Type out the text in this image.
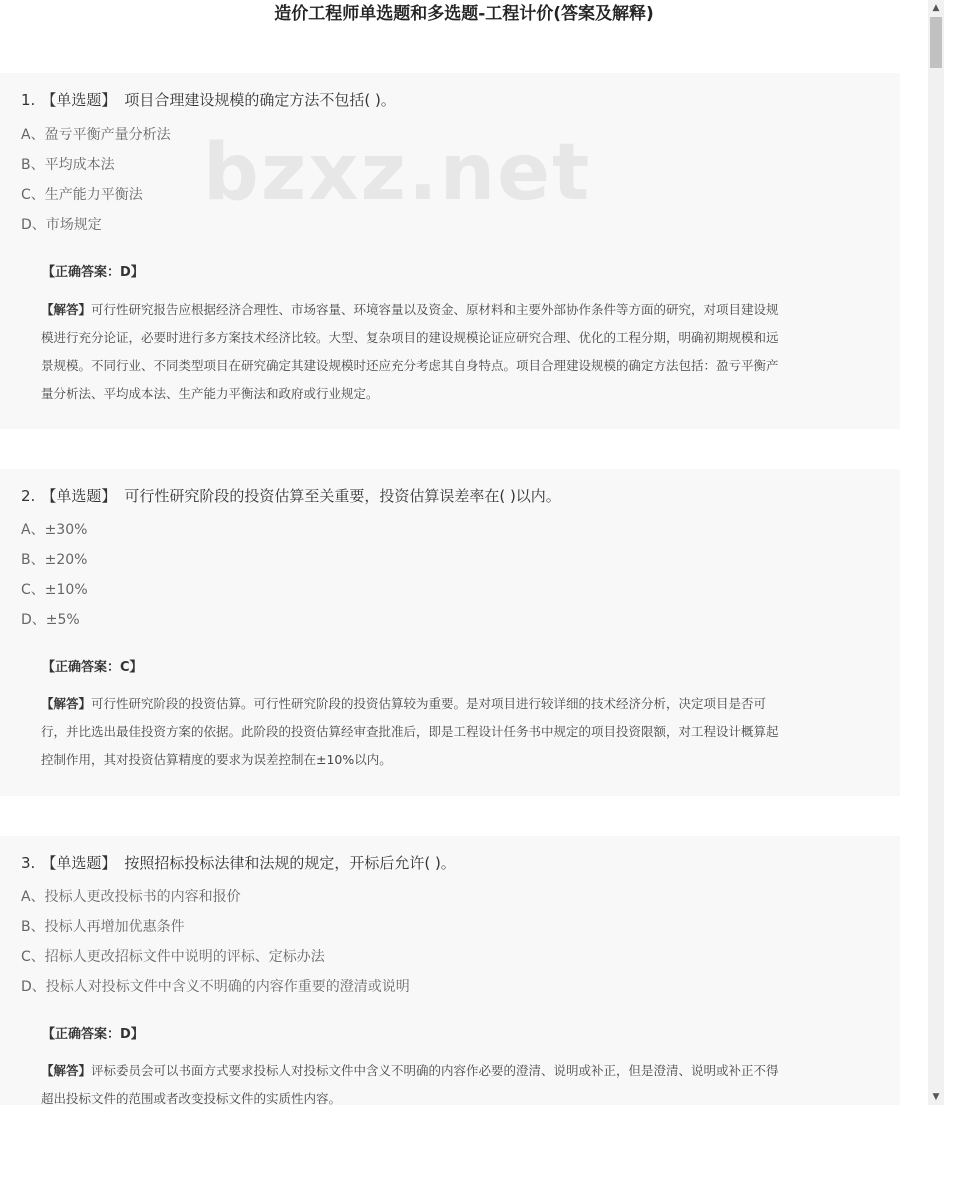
造价工程师单选题和多选题-工程计价(答案及解释)
1. 【单选题】 项目合理建设规模的确定方法不包括( )。
A、盈亏平衡产量分析法
B、平均成本法
C、生产能力平衡法
D、市场规定
【正确答案：D】
【解答】可行性研究报告应根据经济合理性、市场容量、环境容量以及资金、原材料和主要外部协作条件等方面的研究，对项目建设规
模进行充分论证，必要时进行多方案技术经济比较。大型、复杂项目的建设规模论证应研究合理、优化的工程分期，明确初期规模和远
景规模。不同行业、不同类型项目在研究确定其建设规模时还应充分考虑其自身特点。项目合理建设规模的确定方法包括：盈亏平衡产
量分析法、平均成本法、生产能力平衡法和政府或行业规定。
2. 【单选题】 可行性研究阶段的投资估算至关重要，投资估算误差率在( )以内。
A、±30%
B、±20%
C、±10%
D、±5%
【正确答案：C】
【解答】可行性研究阶段的投资估算。可行性研究阶段的投资估算较为重要。是对项目进行较详细的技术经济分析，决定项目是否可
行，并比选出最佳投资方案的依据。此阶段的投资估算经审查批准后，即是工程设计任务书中规定的项目投资限额，对工程设计概算起
控制作用，其对投资估算精度的要求为误差控制在±10%以内。
3. 【单选题】 按照招标投标法律和法规的规定，开标后允许( )。
A、投标人更改投标书的内容和报价
B、投标人再增加优惠条件
C、招标人更改招标文件中说明的评标、定标办法
D、投标人对投标文件中含义不明确的内容作重要的澄清或说明
【正确答案：D】
【解答】评标委员会可以书面方式要求投标人对投标文件中含义不明确的内容作必要的澄清、说明或补正，但是澄清、说明或补正不得
超出投标文件的范围或者改变投标文件的实质性内容。
bzxz.net
▲
▼
